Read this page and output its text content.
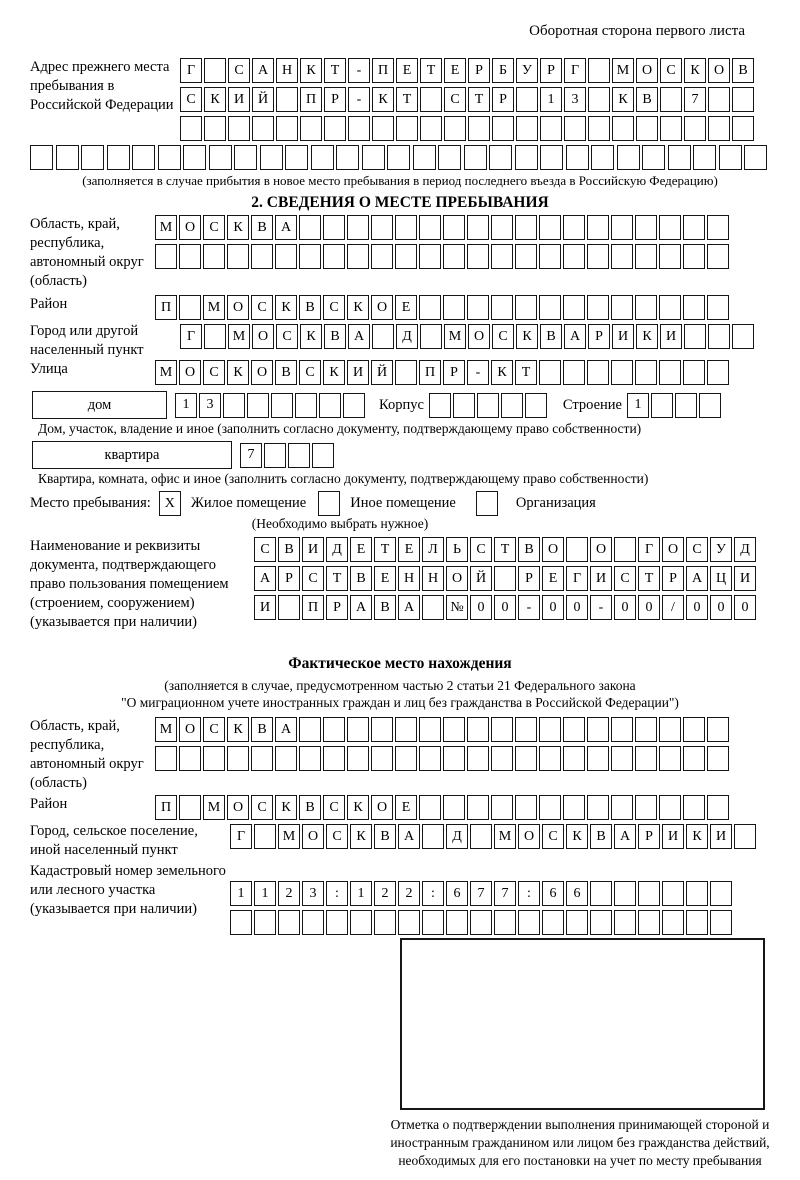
Оборотная сторона первого листа
Адрес прежнего места пребывания в Российской Федерации
Г	С	А Н	К	Т	-	П	Е	Т	Е	Р	Б	У	Р	Г	М О	С	К	О	В
С	К	И Й	П	Р	-	К	Т	С	Т	Р	1	3	К	В	7
(заполняется в случае прибытия в новое место пребывания в период последнего въезда в Российскую Федерацию)
2. СВЕДЕНИЯ О МЕСТЕ ПРЕБЫВАНИЯ
Область, край, республика, автономный округ (область)
М О	С	К	В	А
Район	П	М О	С	К	В	С	К	О	Е
Город или другой населенный пункт
Г	М О	С	К	В	А	Д	М О	С	К	В	А	Р	И	К	И
Улица	М О	С	К	О	В	С	К	И Й	П	Р	-	К	Т
дом	1	3	Корпус	Строение 1
Дом, участок, владение и иное (заполнить согласно документу, подтверждающему право собственности)
квартира	7
Квартира, комната, офис и иное (заполнить согласно документу, подтверждающему право собственности)
Место пребывания: X	Жилое помещение	Иное помещение	Организация
(Необходимо выбрать нужное)
Наименование и реквизиты документа, подтверждающего право пользования помещением (строением, сооружением) (указывается при наличии)
С	В	И	Д	Е	Т	Е	Л	Ь	С	Т	В	О	О	Г	О	С	У	Д
А	Р	С	Т	В	Е	Н Н О Й	Р	Е	Г	И	С	Т	Р	А Ц И
И	П	Р	А	В	А	№ 0	0	-	0	0	-	0	0	/	0	0	0
Фактическое место нахождения
(заполняется в случае, предусмотренном частью 2 статьи 21 Федерального закона
"О миграционном учете иностранных граждан и лиц без гражданства в Российской Федерации")
Область, край, республика, автономный округ (область)
М О	С	К	В	А
Район	П	М О	С	К	В	С	К	О	Е
Город, сельское поселение, иной населенный пункт
Г	М О	С	К	В	А	Д	М О	С	К	В	А	Р	И	К	И
Кадастровый номер земельного или лесного участка (указывается при наличии)
1	1	2	3	:	1	2	2	:	6	7	7	:	6	6
Отметка о подтверждении выполнения принимающей стороной и иностранным гражданином или лицом без гражданства действий, необходимых для его постановки на учет по месту пребывания
